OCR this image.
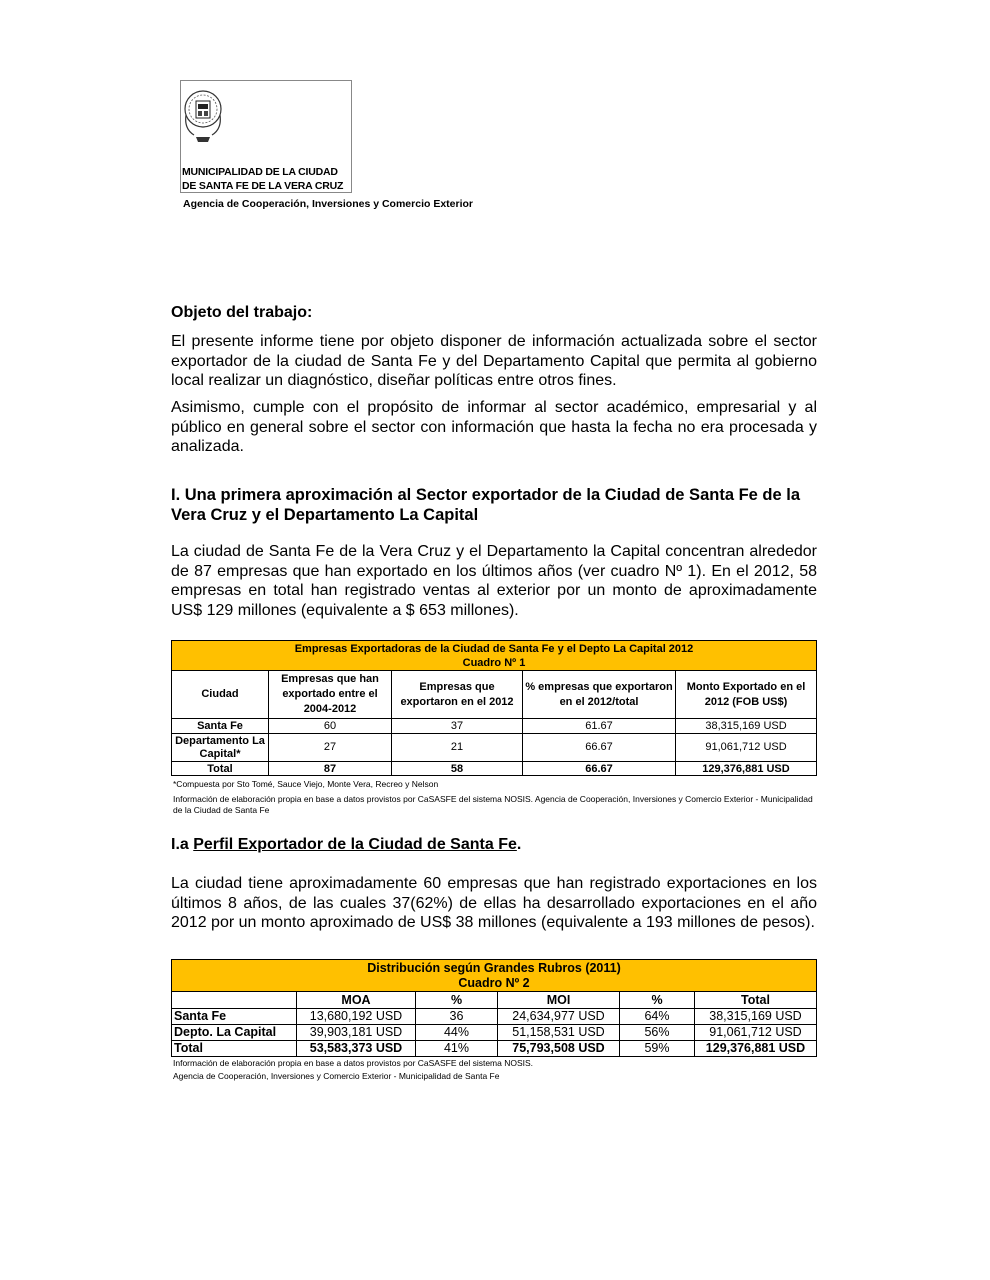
MUNICIPALIDAD DE LA CIUDAD
DE SANTA FE DE LA VERA CRUZ
Agencia de Cooperación, Inversiones y Comercio Exterior

Objeto del trabajo:

El presente informe tiene por objeto disponer de información actualizada sobre el sector exportador de la ciudad de Santa Fe y del Departamento Capital que permita al gobierno local realizar un diagnóstico, diseñar políticas entre otros fines.

Asimismo, cumple con el propósito de informar al sector académico, empresarial y al público en general sobre el sector con información que hasta la fecha no era procesada y analizada.

I. Una primera aproximación al Sector exportador de la Ciudad de Santa Fe de la Vera Cruz y el Departamento La Capital

La ciudad de Santa Fe de la Vera Cruz y el Departamento la Capital concentran alrededor de 87 empresas que han exportado en los últimos años (ver cuadro Nº 1). En el 2012, 58 empresas en total han registrado ventas al exterior por un monto de aproximadamente US$ 129 millones (equivalente a $ 653 millones).

Empresas Exportadoras de la Ciudad de Santa Fe y el Depto La Capital 2012
Cuadro Nº 1				

Ciudad	Empresas que han exportado entre el 2004-2012	Empresas que exportaron en el 2012	% empresas que exportaron en el 2012/total	Monto Exportado en el 2012 (FOB US$)
Santa Fe	60	37	61.67	38,315,169 USD
Departamento La Capital*	27	21	66.67	91,061,712 USD
Total	87	58	66.67	129,376,881 USD
*Compuesta por Sto Tomé, Sauce Viejo, Monte Vera, Recreo y Nelson
Información de elaboración propia en base a datos provistos por CaSASFE del sistema NOSIS. Agencia de Cooperación, Inversiones y Comercio Exterior - Municipalidad de la Ciudad de Santa Fe

I.a Perfil Exportador de la Ciudad de Santa Fe.

La ciudad tiene aproximadamente 60 empresas que han registrado exportaciones en los últimos 8 años, de las cuales 37(62%) de ellas ha desarrollado exportaciones en el año 2012 por un monto aproximado de US$ 38 millones (equivalente a 193 millones de pesos).

Distribución según Grandes Rubros (2011)
Cuadro Nº 2					

	MOA	%	MOI	%	Total
Santa Fe	13,680,192 USD	36	24,634,977 USD	64%	38,315,169 USD
Depto. La Capital	39,903,181 USD	44%	51,158,531 USD	56%	91,061,712 USD
Total	53,583,373 USD	41%	75,793,508 USD	59%	129,376,881 USD
Información de elaboración propia en base a datos provistos por CaSASFE del sistema NOSIS.
Agencia de Cooperación, Inversiones y Comercio Exterior - Municipalidad de Santa Fe
